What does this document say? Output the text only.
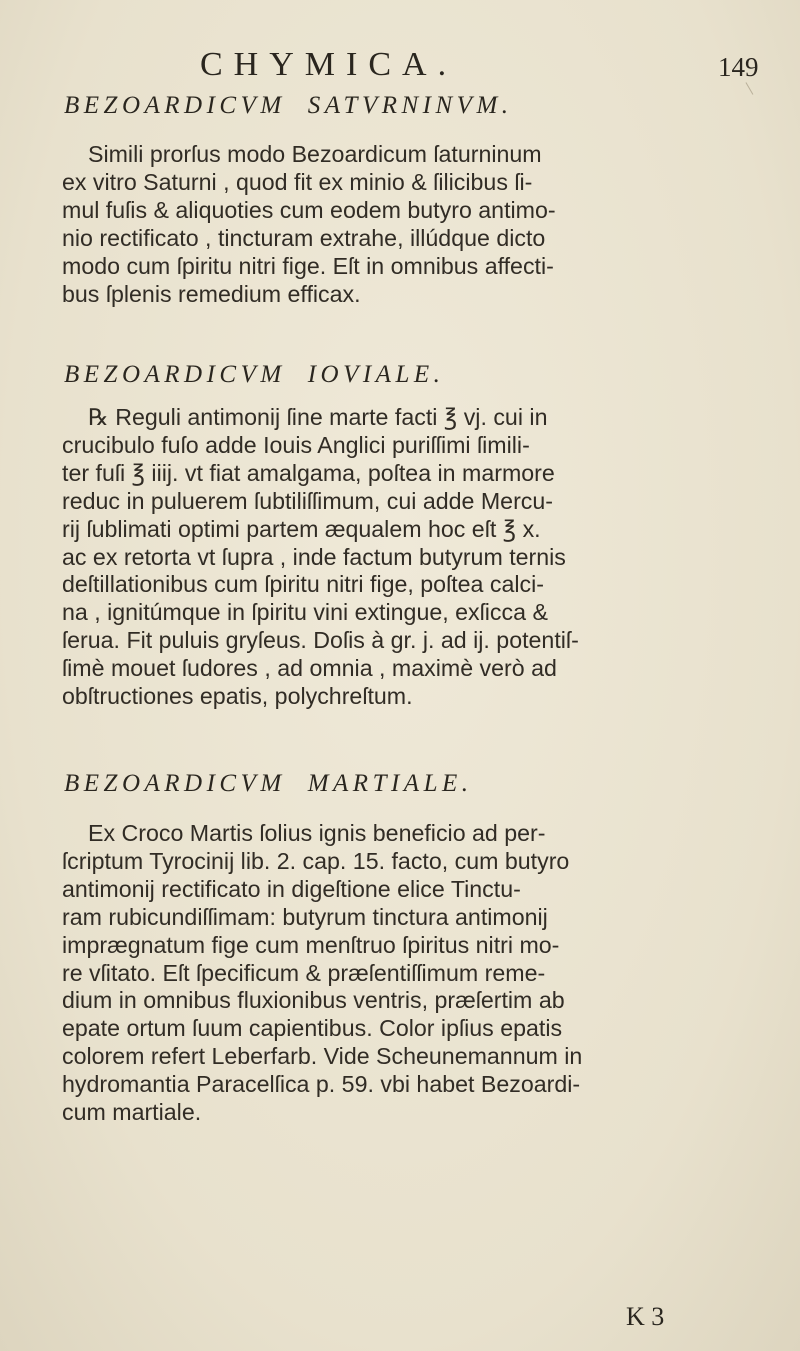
CHYMICA.	149
BEZOARDICVM SATVRNINVM.
Simili prorſus modo Bezoardicum ſaturninum
ex vitro Saturni , quod fit ex minio & ſilicibus ſi-
mul fuſis & aliquoties cum eodem butyro antimo-
nio rectificato , tincturam extrahe, illúdque dicto
modo cum ſpiritu nitri fige. Eſt in omnibus affecti-
bus ſplenis remedium efficax.
BEZOARDICVM IOVIALE.
℞ Reguli antimonij ſine marte facti ℥ vj. cui in
crucibulo fuſo adde Iouis Anglici puriſſimi ſimili-
ter fuſi ℥ iiij. vt fiat amalgama, poſtea in marmore
reduc in puluerem ſubtiliſſimum, cui adde Mercu-
rij ſublimati optimi partem æqualem hoc eſt ℥ x.
ac ex retorta vt ſupra , inde factum butyrum ternis
deſtillationibus cum ſpiritu nitri fige, poſtea calci-
na , ignitúmque in ſpiritu vini extingue, exſicca &
ſerua. Fit puluis gryſeus. Doſis à gr. j. ad ij. potentiſ-
ſimè mouet ſudores , ad omnia , maximè verò ad
obſtructiones epatis, polychreſtum.
BEZOARDICVM MARTIALE.
Ex Croco Martis ſolius ignis beneficio ad per-
ſcriptum Tyrocinij lib. 2. cap. 15. facto, cum butyro
antimonij rectificato in digeſtione elice Tinctu-
ram rubicundiſſimam: butyrum tinctura antimonij
imprægnatum fige cum menſtruo ſpiritus nitri mo-
re vſitato. Eſt ſpecificum & præſentiſſimum reme-
dium in omnibus fluxionibus ventris, præſertim ab
epate ortum ſuum capientibus. Color ipſius epatis
colorem refert Leberfarb. Vide Scheunemannum in
hydromantia Paracelſica p. 59. vbi habet Bezoardi-
cum martiale.
K 3
